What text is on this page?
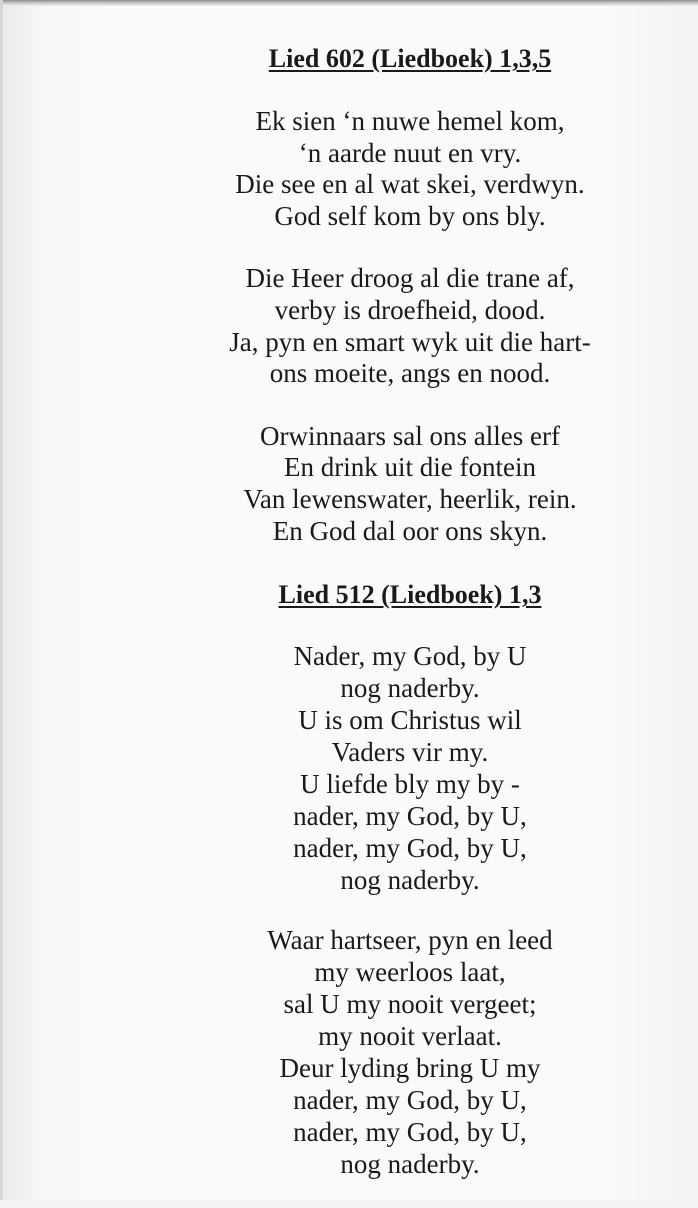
Lied 602 (Liedboek) 1,3,5
Ek sien ‘n nuwe hemel kom,
‘n aarde nuut en vry.
Die see en al wat skei, verdwyn.
God self kom by ons bly.
Die Heer droog al die trane af,
verby is droefheid, dood.
Ja, pyn en smart wyk uit die hart-
ons moeite, angs en nood.
Orwinnaars sal ons alles erf
En drink uit die fontein
Van lewenswater, heerlik, rein.
En God dal oor ons skyn.
Lied 512 (Liedboek) 1,3
Nader, my God, by U
nog naderby.
U is om Christus wil
Vaders vir my.
U liefde bly my by -
nader, my God, by U,
nader, my God, by U,
nog naderby.
Waar hartseer, pyn en leed
my weerloos laat,
sal U my nooit vergeet;
my nooit verlaat.
Deur lyding bring U my
nader, my God, by U,
nader, my God, by U,
nog naderby.
